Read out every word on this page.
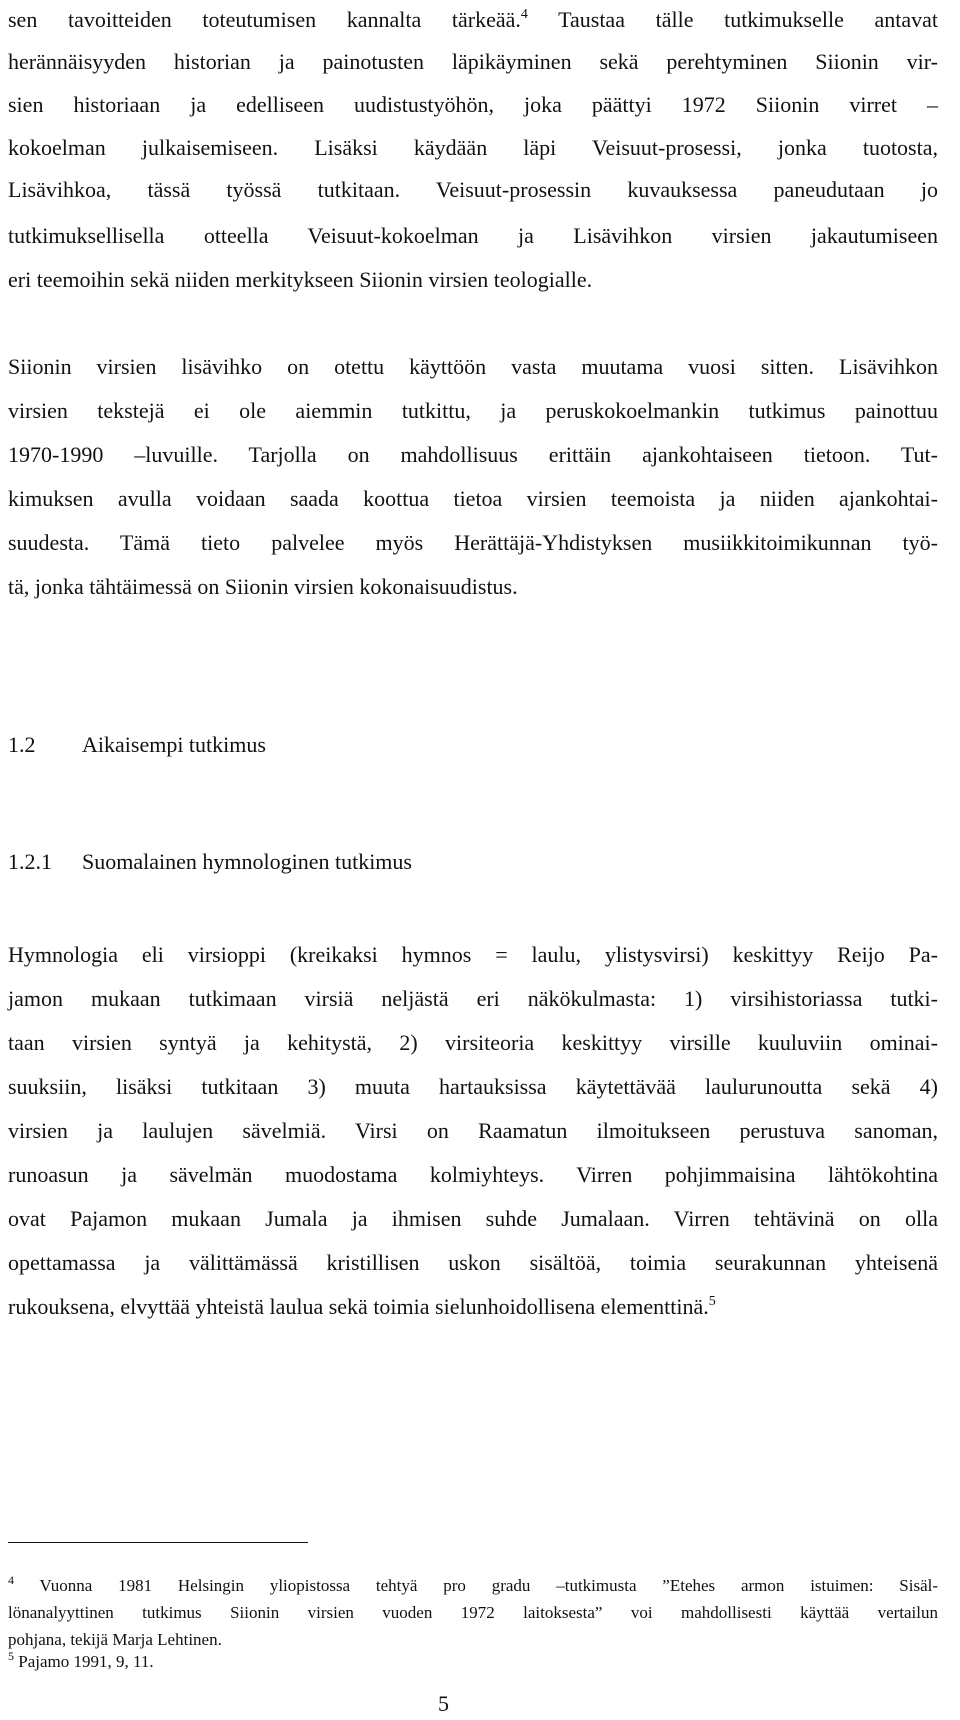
sen tavoitteiden toteutumisen kannalta tärkeää.$^4$ Taustaa tälle tutkimukselle antavat
herännäisyyden historian ja painotusten läpikäyminen sekä perehtyminen Siionin vir-
sien historiaan ja edelliseen uudistustyöhön, joka päättyi 1972 Siionin virret –
kokoelman julkaisemiseen. Lisäksi käydään läpi Veisuut-prosessi, jonka tuotosta,
Lisävihkoa, tässä työssä tutkitaan. Veisuut-prosessin kuvauksessa paneudutaan jo
tutkimuksellisella otteella Veisuut-kokoelman ja Lisävihkon virsien jakautumiseen
eri teemoihin sekä niiden merkitykseen Siionin virsien teologialle.
Siionin virsien lisävihko on otettu käyttöön vasta muutama vuosi sitten. Lisävihkon
virsien tekstejä ei ole aiemmin tutkittu, ja peruskokoelmankin tutkimus painottuu
1970-1990 –luvuille. Tarjolla on mahdollisuus erittäin ajankohtaiseen tietoon. Tut-
kimuksen avulla voidaan saada koottua tietoa virsien teemoista ja niiden ajankohtai-
suudesta. Tämä tieto palvelee myös Herättäjä-Yhdistyksen musiikkitoimikunnan työ-
tä, jonka tähtäimessä on Siionin virsien kokonaisuudistus.
1.2 Aikaisempi tutkimus
1.2.1 Suomalainen hymnologinen tutkimus
Hymnologia eli virsioppi (kreikaksi hymnos = laulu, ylistysvirsi) keskittyy Reijo Pa-
jamon mukaan tutkimaan virsiä neljästä eri näkökulmasta: 1) virsihistoriassa tutki-
taan virsien syntyä ja kehitystä, 2) virsiteoria keskittyy virsille kuuluviin ominai-
suuksiin, lisäksi tutkitaan 3) muuta hartauksissa käytettävää laulurunoutta sekä 4)
virsien ja laulujen sävelmiä. Virsi on Raamatun ilmoitukseen perustuva sanoman,
runoasun ja sävelmän muodostama kolmiyhteys. Virren pohjimmaisina lähtökohtina
ovat Pajamon mukaan Jumala ja ihmisen suhde Jumalaan. Virren tehtävinä on olla
opettamassa ja välittämässä kristillisen uskon sisältöä, toimia seurakunnan yhteisenä
rukouksena, elvyttää yhteistä laulua sekä toimia sielunhoidollisena elementtinä.$^5$
$^4$ Vuonna 1981 Helsingin yliopistossa tehtyä pro gradu –tutkimusta ”Etehes armon istuimen: Sisäl-
lönanalyyttinen tutkimus Siionin virsien vuoden 1972 laitoksesta” voi mahdollisesti käyttää vertailun
pohjana, tekijä Marja Lehtinen.
$^5$ Pajamo 1991, 9, 11.
5
